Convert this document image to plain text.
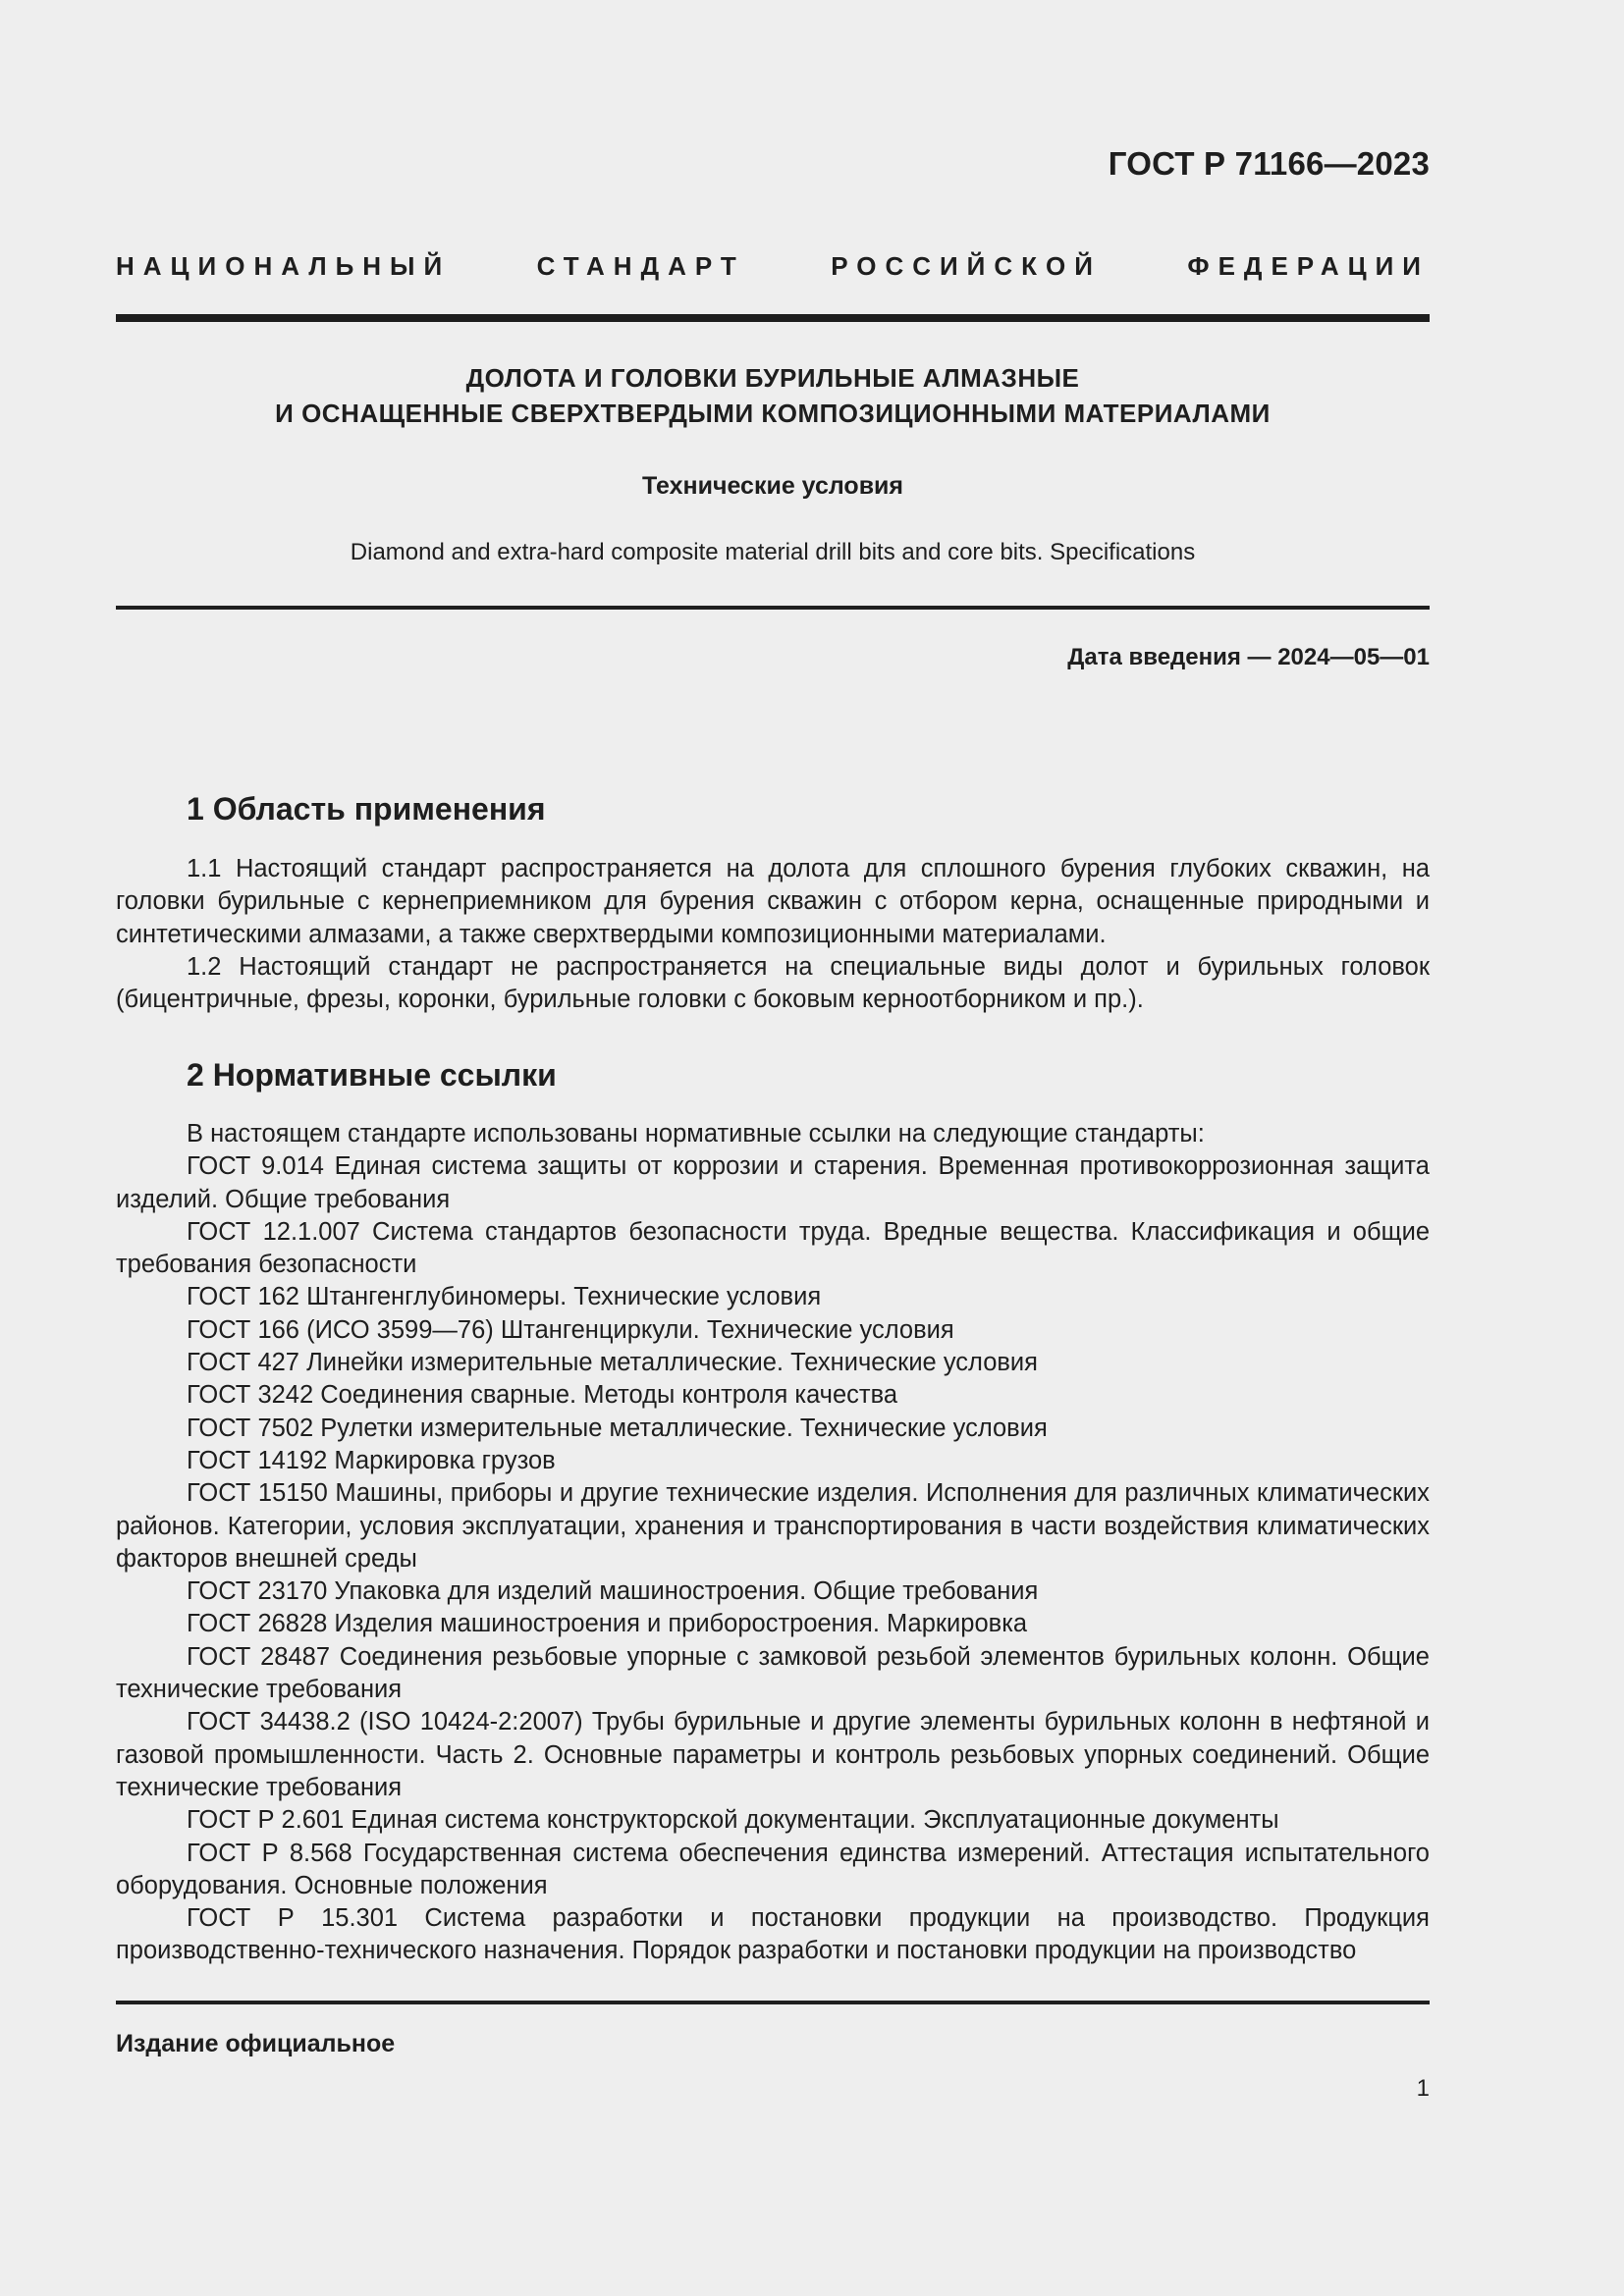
ГОСТ Р 71166—2023
НАЦИОНАЛЬНЫЙ СТАНДАРТ РОССИЙСКОЙ ФЕДЕРАЦИИ
ДОЛОТА И ГОЛОВКИ БУРИЛЬНЫЕ АЛМАЗНЫЕ
И ОСНАЩЕННЫЕ СВЕРХТВЕРДЫМИ КОМПОЗИЦИОННЫМИ МАТЕРИАЛАМИ
Технические условия
Diamond and extra-hard composite material drill bits and core bits. Specifications
Дата введения — 2024—05—01
1 Область применения

1.1 Настоящий стандарт распространяется на долота для сплошного бурения глубоких скважин, на головки бурильные с кернеприемником для бурения скважин с отбором керна, оснащенные природными и синтетическими алмазами, а также сверхтвердыми композиционными материалами.

1.2 Настоящий стандарт не распространяется на специальные виды долот и бурильных головок (бицентричные, фрезы, коронки, бурильные головки с боковым керноотборником и пр.).

2 Нормативные ссылки

В настоящем стандарте использованы нормативные ссылки на следующие стандарты:

ГОСТ 9.014 Единая система защиты от коррозии и старения. Временная противокоррозионная защита изделий. Общие требования

ГОСТ 12.1.007 Система стандартов безопасности труда. Вредные вещества. Классификация и общие требования безопасности

ГОСТ 162 Штангенглубиномеры. Технические условия

ГОСТ 166 (ИСО 3599—76) Штангенциркули. Технические условия

ГОСТ 427 Линейки измерительные металлические. Технические условия

ГОСТ 3242 Соединения сварные. Методы контроля качества

ГОСТ 7502 Рулетки измерительные металлические. Технические условия

ГОСТ 14192 Маркировка грузов

ГОСТ 15150 Машины, приборы и другие технические изделия. Исполнения для различных климатических районов. Категории, условия эксплуатации, хранения и транспортирования в части воздействия климатических факторов внешней среды

ГОСТ 23170 Упаковка для изделий машиностроения. Общие требования

ГОСТ 26828 Изделия машиностроения и приборостроения. Маркировка

ГОСТ 28487 Соединения резьбовые упорные с замковой резьбой элементов бурильных колонн. Общие технические требования

ГОСТ 34438.2 (ISO 10424-2:2007) Трубы бурильные и другие элементы бурильных колонн в нефтяной и газовой промышленности. Часть 2. Основные параметры и контроль резьбовых упорных соединений. Общие технические требования

ГОСТ Р 2.601 Единая система конструкторской документации. Эксплуатационные документы

ГОСТ Р 8.568 Государственная система обеспечения единства измерений. Аттестация испытательного оборудования. Основные положения

ГОСТ Р 15.301 Система разработки и постановки продукции на производство. Продукция производственно-технического назначения. Порядок разработки и постановки продукции на производство

Издание официальное
1
